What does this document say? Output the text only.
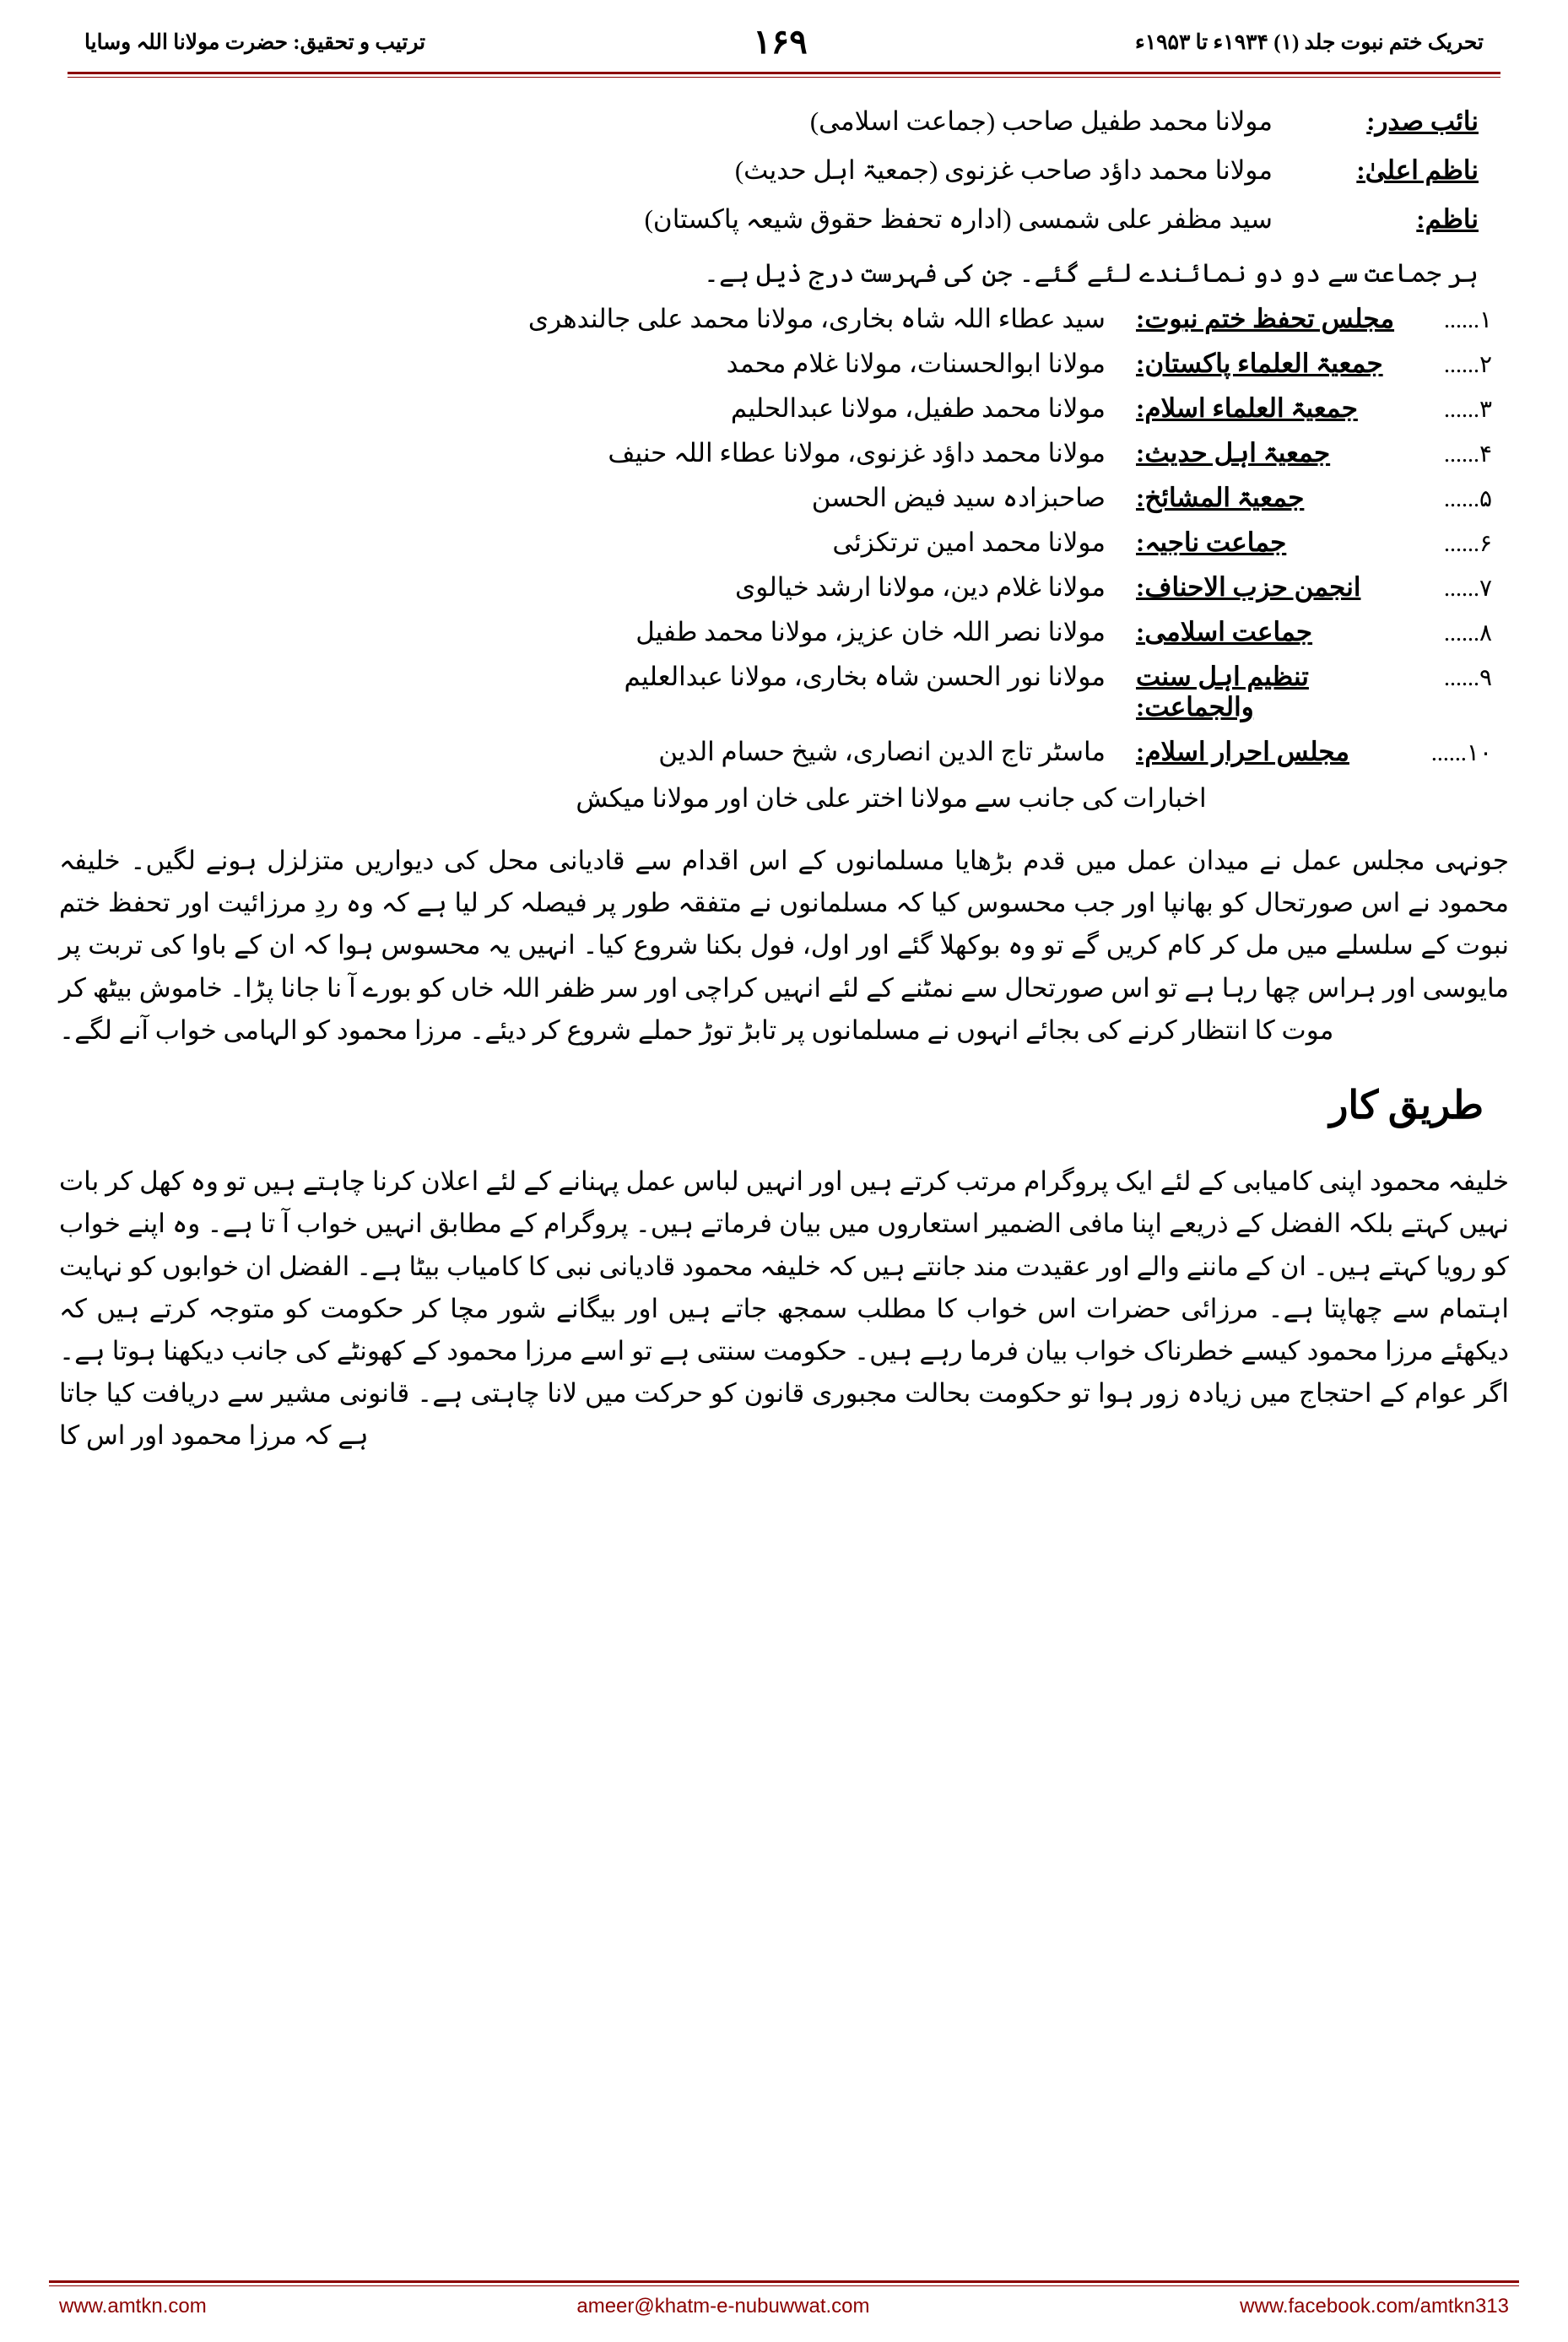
ترتیب و تحقیق: حضرت مولانا اللہ وسایا	۱۶۹	تحریک ختم نبوت جلد (۱) ۱۹۳۴ء تا ۱۹۵۳ء
نائب صدر:
مولانا محمد طفیل صاحب (جماعت اسلامی)
ناظم اعلیٰ:
مولانا محمد داؤد صاحب غزنوی (جمعیۃ اہل حدیث)
ناظم:
سید مظفر علی شمسی (ادارہ تحفظ حقوق شیعہ پاکستان)
ہر جماعت سے دو دو نمائندے لئے گئے۔ جن کی فہرست درج ذیل ہے۔
۱......
مجلس تحفظ ختم نبوت:
سید عطاء اللہ شاہ بخاری، مولانا محمد علی جالندھری
۲......
جمعیۃ العلماء پاکستان:
مولانا ابوالحسنات، مولانا غلام محمد
۳......
جمعیۃ العلماء اسلام:
مولانا محمد طفیل، مولانا عبدالحلیم
۴......
جمعیۃ اہل حدیث:
مولانا محمد داؤد غزنوی، مولانا عطاء اللہ حنیف
۵......
جمعیۃ المشائخ:
صاحبزادہ سید فیض الحسن
۶......
جماعت ناجیہ:
مولانا محمد امین ترتکزئی
۷......
انجمن حزب الاحناف:
مولانا غلام دین، مولانا ارشد خیالوی
۸......
جماعت اسلامی:
مولانا نصر اللہ خان عزیز، مولانا محمد طفیل
۹......
تنظیم اہل سنت والجماعت:
مولانا نور الحسن شاہ بخاری، مولانا عبدالعلیم
۱۰......
مجلس احرار اسلام:
ماسٹر تاج الدین انصاری، شیخ حسام الدین
اخبارات کی جانب سے مولانا اختر علی خان اور مولانا میکش

جونہی مجلس عمل نے میدان عمل میں قدم بڑھایا مسلمانوں کے اس اقدام سے قادیانی محل کی دیواریں متزلزل ہونے لگیں۔ خلیفہ محمود نے اس صورتحال کو بھانپا اور جب محسوس کیا کہ مسلمانوں نے متفقہ طور پر فیصلہ کر لیا ہے کہ وہ ردِ مرزائیت اور تحفظ ختم نبوت کے سلسلے میں مل کر کام کریں گے تو وہ بوکھلا گئے اور اول، فول بکنا شروع کیا۔ انہیں یہ محسوس ہوا کہ ان کے باوا کی تربت پر مایوسی اور ہراس چھا رہا ہے تو اس صورتحال سے نمٹنے کے لئے انہیں کراچی اور سر ظفر اللہ خاں کو بورے آ نا جانا پڑا۔ خاموش بیٹھ کر موت کا انتظار کرنے کی بجائے انہوں نے مسلمانوں پر تابڑ توڑ حملے شروع کر دیئے۔ مرزا محمود کو الہامی خواب آنے لگے۔

طریق کار

خلیفہ محمود اپنی کامیابی کے لئے ایک پروگرام مرتب کرتے ہیں اور انہیں لباس عمل پہنانے کے لئے اعلان کرنا چاہتے ہیں تو وہ کھل کر بات نہیں کہتے بلکہ الفضل کے ذریعے اپنا مافی الضمیر استعاروں میں بیان فرماتے ہیں۔ پروگرام کے مطابق انہیں خواب آ تا ہے۔ وہ اپنے خواب کو رویا کہتے ہیں۔ ان کے ماننے والے اور عقیدت مند جانتے ہیں کہ خلیفہ محمود قادیانی نبی کا کامیاب بیٹا ہے۔ الفضل ان خوابوں کو نہایت اہتمام سے چھاپتا ہے۔ مرزائی حضرات اس خواب کا مطلب سمجھ جاتے ہیں اور بیگانے شور مچا کر حکومت کو متوجہ کرتے ہیں کہ دیکھئے مرزا محمود کیسے خطرناک خواب بیان فرما رہے ہیں۔ حکومت سنتی ہے تو اسے مرزا محمود کے کھونٹے کی جانب دیکھنا ہوتا ہے۔ اگر عوام کے احتجاج میں زیادہ زور ہوا تو حکومت بحالت مجبوری قانون کو حرکت میں لانا چاہتی ہے۔ قانونی مشیر سے دریافت کیا جاتا ہے کہ مرزا محمود اور اس کا

www.amtkn.com	ameer@khatm-e-nubuwwat.com	www.facebook.com/amtkn313
